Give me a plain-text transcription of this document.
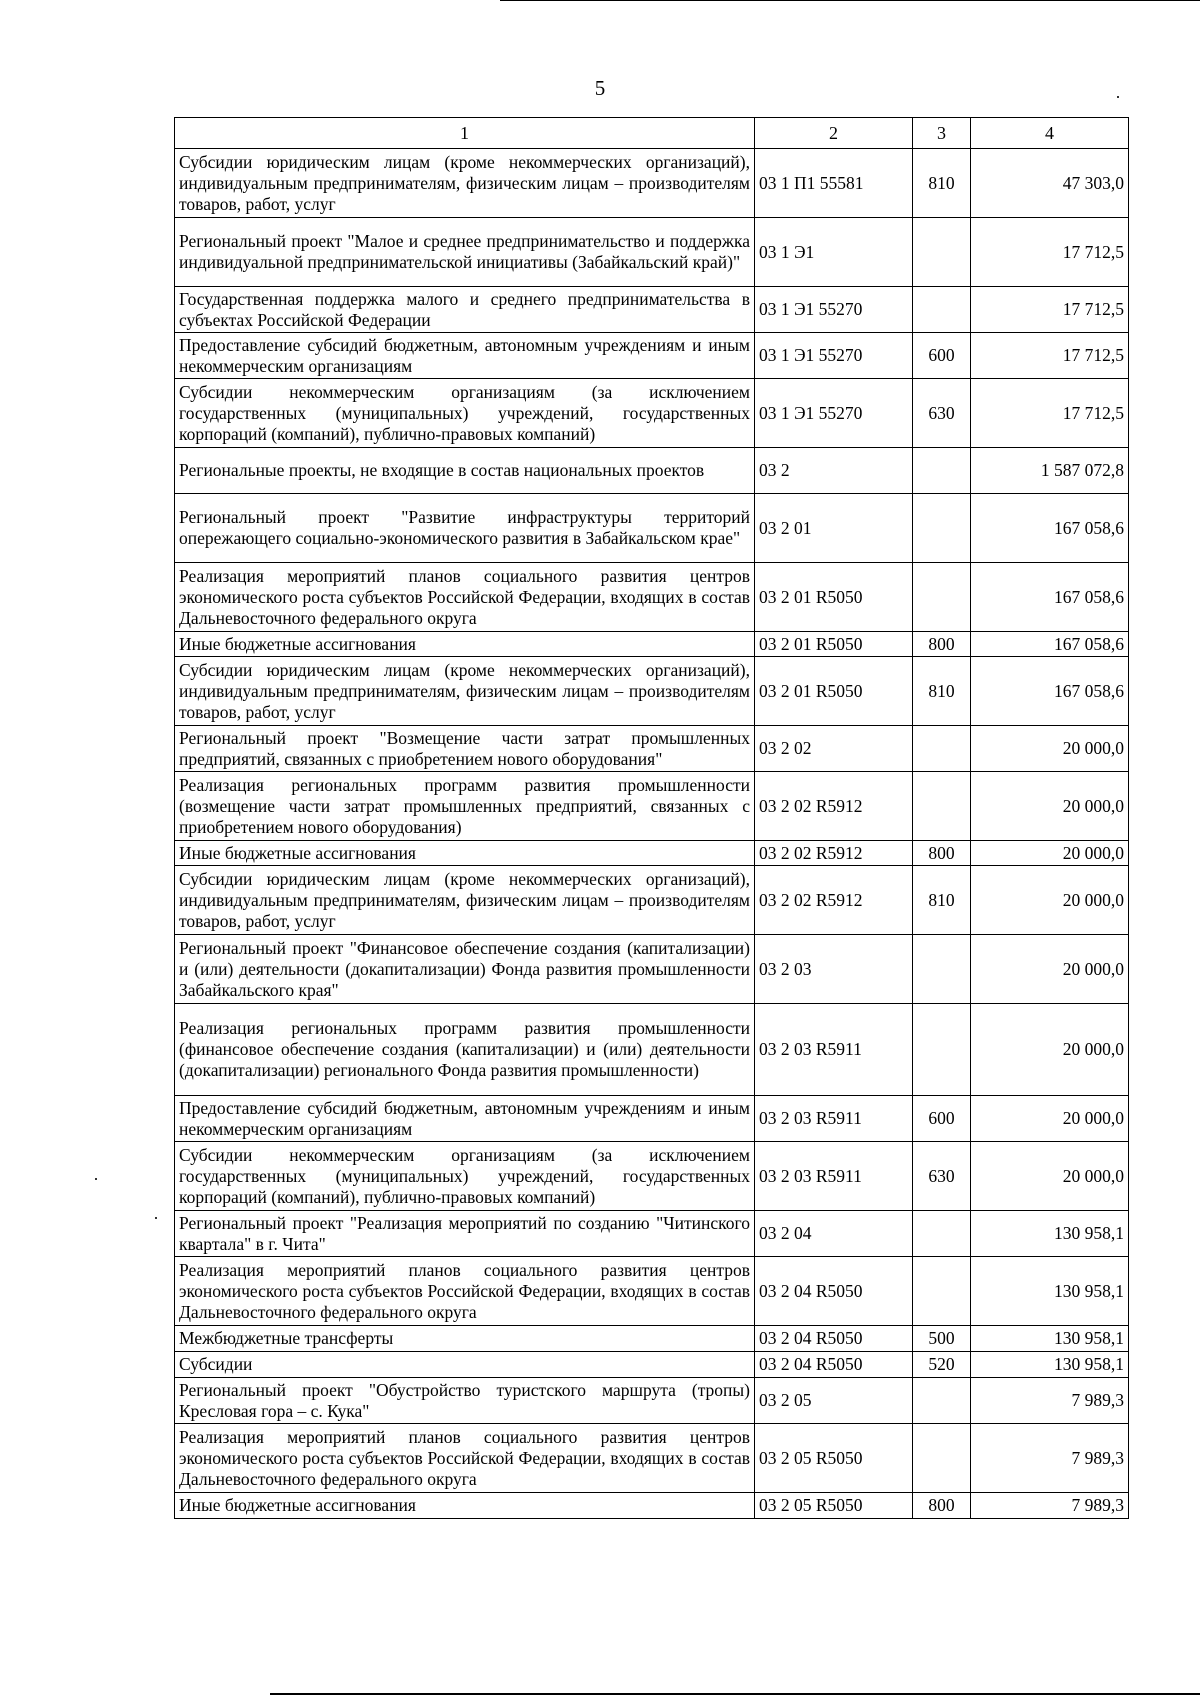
5
1	2	3	4
Субсидии юридическим лицам (кроме некоммерческих организаций), индивидуальным предпринимателям, физическим лицам – производителям товаров, работ, услуг	03 1 П1 55581	810	47 303,0
Региональный проект "Малое и среднее предпринимательство и поддержка индивидуальной предпринимательской инициативы (Забайкальский край)"	03 1 Э1		17 712,5
Государственная поддержка малого и среднего предпринимательства в субъектах Российской Федерации	03 1 Э1 55270		17 712,5
Предоставление субсидий бюджетным, автономным учреждениям и иным некоммерческим организациям	03 1 Э1 55270	600	17 712,5
Субсидии некоммерческим организациям (за исключением государственных (муниципальных) учреждений, государственных корпораций (компаний), публично-правовых компаний)	03 1 Э1 55270	630	17 712,5
Региональные проекты, не входящие в состав национальных проектов	03 2		1 587 072,8
Региональный проект "Развитие инфраструктуры территорий опережающего социально-экономического развития в Забайкальском крае"	03 2 01		167 058,6
Реализация мероприятий планов социального развития центров экономического роста субъектов Российской Федерации, входящих в состав Дальневосточного федерального округа	03 2 01 R5050		167 058,6
Иные бюджетные ассигнования	03 2 01 R5050	800	167 058,6
Субсидии юридическим лицам (кроме некоммерческих организаций), индивидуальным предпринимателям, физическим лицам – производителям товаров, работ, услуг	03 2 01 R5050	810	167 058,6
Региональный проект "Возмещение части затрат промышленных предприятий, связанных с приобретением нового оборудования"	03 2 02		20 000,0
Реализация региональных программ развития промышленности (возмещение части затрат промышленных предприятий, связанных с приобретением нового оборудования)	03 2 02 R5912		20 000,0
Иные бюджетные ассигнования	03 2 02 R5912	800	20 000,0
Субсидии юридическим лицам (кроме некоммерческих организаций), индивидуальным предпринимателям, физическим лицам – производителям товаров, работ, услуг	03 2 02 R5912	810	20 000,0
Региональный проект "Финансовое обеспечение создания (капитализации) и (или) деятельности (докапитализации) Фонда развития промышленности Забайкальского края"	03 2 03		20 000,0
Реализация региональных программ развития промышленности (финансовое обеспечение создания (капитализации) и (или) деятельности (докапитализации) регионального Фонда развития промышленности)	03 2 03 R5911		20 000,0
Предоставление субсидий бюджетным, автономным учреждениям и иным некоммерческим организациям	03 2 03 R5911	600	20 000,0
Субсидии некоммерческим организациям (за исключением государственных (муниципальных) учреждений, государственных корпораций (компаний), публично-правовых компаний)	03 2 03 R5911	630	20 000,0
Региональный проект "Реализация мероприятий по созданию "Читинского квартала" в г. Чита"	03 2 04		130 958,1
Реализация мероприятий планов социального развития центров экономического роста субъектов Российской Федерации, входящих в состав Дальневосточного федерального округа	03 2 04 R5050		130 958,1
Межбюджетные трансферты	03 2 04 R5050	500	130 958,1
Субсидии	03 2 04 R5050	520	130 958,1
Региональный проект "Обустройство туристского маршрута (тропы) Кресловая гора – с. Кука"	03 2 05		7 989,3
Реализация мероприятий планов социального развития центров экономического роста субъектов Российской Федерации, входящих в состав Дальневосточного федерального округа	03 2 05 R5050		7 989,3
Иные бюджетные ассигнования	03 2 05 R5050	800	7 989,3
